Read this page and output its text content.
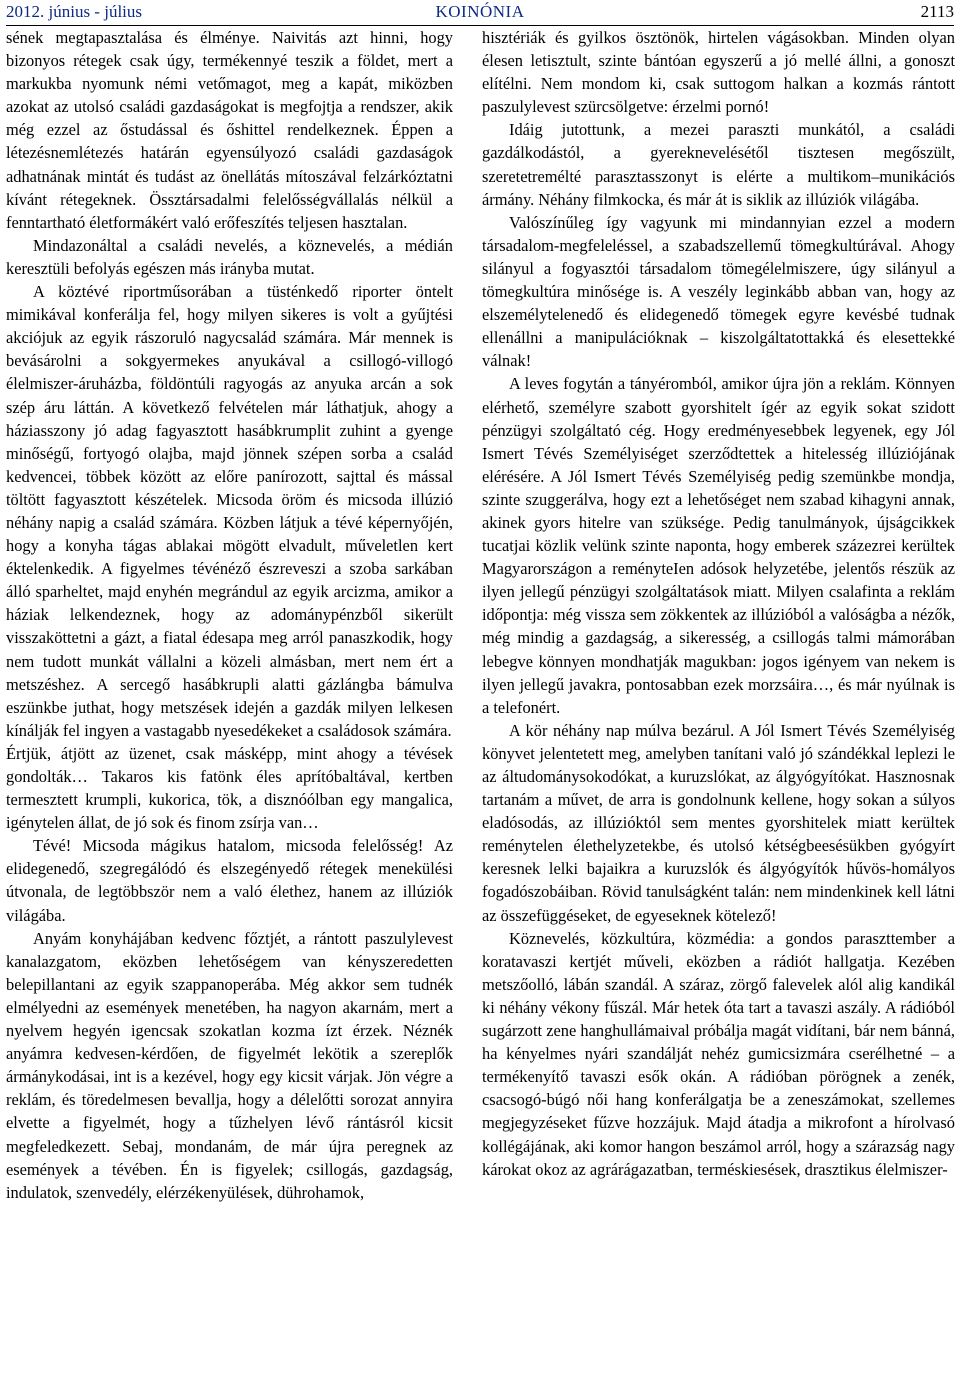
2012. június - július	KOINÓNIA	2113

sének megtapasztalása és élménye. Naivitás azt hinni, hogy bizonyos rétegek csak úgy, termékennyé teszik a földet, mert a markukba nyomunk némi vetőmagot, meg a kapát, miközben azokat az utolsó családi gazdaságokat is megfojtja a rendszer, akik még ezzel az őstudással és őshittel rendelkeznek. Éppen a létezésnemlétezés határán egyensúlyozó családi gazdaságok adhatnának mintát és tudást az önellátás mítoszával felzárkóztatni kívánt rétegeknek. Össztársadalmi felelősségvállalás nélkül a fenntartható életformákért való erőfeszítés teljesen hasztalan.

Mindazonáltal a családi nevelés, a köznevelés, a médián keresztüli befolyás egészen más irányba mutat.

A köztévé riportműsorában a tüsténkedő riporter öntelt mimikával konferálja fel, hogy milyen sikeres is volt a gyűjtési akciójuk az egyik rászoruló nagycsalád számára. Már mennek is bevásárolni a sokgyermekes anyukával a csillogó-villogó élelmiszer-áruházba, földöntúli ragyogás az anyuka arcán a sok szép áru láttán. A következő felvételen már láthatjuk, ahogy a háziasszony jó adag fagyasztott hasábkrumplit zuhint a gyenge minőségű, fortyogó olajba, majd jönnek szépen sorba a család kedvencei, többek között az előre panírozott, sajttal és mással töltött fagyasztott készételek. Micsoda öröm és micsoda illúzió néhány napig a család számára. Közben látjuk a tévé képernyőjén, hogy a konyha tágas ablakai mögött elvadult, műveletlen kert éktelenkedik. A figyelmes tévénéző észreveszi a szoba sarkában álló sparheltet, majd enyhén megrándul az egyik arcizma, amikor a háziak lelkendeznek, hogy az adománypénzből sikerült visszaköttetni a gázt, a fiatal édesapa meg arról panaszkodik, hogy nem tudott munkát vállalni a közeli almásban, mert nem ért a metszéshez. A sercegő hasábkrupli alatti gázlángba bámulva eszünkbe juthat, hogy metszések idején a gazdák milyen lelkesen kínálják fel ingyen a vastagabb nyesedékeket a családosok számára.

Értjük, átjött az üzenet, csak másképp, mint ahogy a tévések gondolták… Takaros kis fatönk éles aprítóbaltával, kertben termesztett krumpli, kukorica, tök, a disznóólban egy mangalica, igénytelen állat, de jó sok és finom zsírja van…

Tévé! Micsoda mágikus hatalom, micsoda felelősség! Az elidegenedő, szegregálódó és elszegényedő rétegek menekülési útvonala, de legtöbbször nem a való élethez, hanem az illúziók világába.

Anyám konyhájában kedvenc főztjét, a rántott paszulylevest kanalazgatom, eközben lehetőségem van kényszeredetten belepillantani az egyik szappanoperába. Még akkor sem tudnék elmélyedni az események menetében, ha nagyon akarnám, mert a nyelvem hegyén igencsak szokatlan kozma ízt érzek. Néznék anyámra kedvesen-kérdően, de figyelmét lekötik a szereplők ármánykodásai, int is a kezével, hogy egy kicsit várjak. Jön végre a reklám, és töredelmesen bevallja, hogy a délelőtti sorozat annyira elvette a figyelmét, hogy a tűzhelyen lévő rántásról kicsit megfeledkezett. Sebaj, mondanám, de már újra peregnek az események a tévében. Én is figyelek; csillogás, gazdagság, indulatok, szenvedély, elérzékenyülések, dührohamok,

hisztériák és gyilkos ösztönök, hirtelen vágásokban. Minden olyan élesen letisztult, szinte bántóan egyszerű a jó mellé állni, a gonoszt elítélni. Nem mondom ki, csak suttogom halkan a kozmás rántott paszulylevest szürcsölgetve: érzelmi pornó!

Idáig jutottunk, a mezei paraszti munkától, a családi gazdálkodástól, a gyereknevelésétől tisztesen megőszült, szeretetremélté parasztasszonyt is elérte a multikom–munikációs ármány. Néhány filmkocka, és már át is siklik az illúziók világába.

Valószínűleg így vagyunk mi mindannyian ezzel a modern társadalom-megfeleléssel, a szabadszellemű tömegkultúrával. Ahogy silányul a fogyasztói társadalom tömegélelmiszere, úgy silányul a tömegkultúra minősége is. A veszély leginkább abban van, hogy az elszemélytelenedő és elidegenedő tömegek egyre kevésbé tudnak ellenállni a manipulációknak – kiszolgáltatottakká és elesettekké válnak!

A leves fogytán a tányéromból, amikor újra jön a reklám. Könnyen elérhető, személyre szabott gyorshitelt ígér az egyik sokat szidott pénzügyi szolgáltató cég. Hogy eredményesebbek legyenek, egy Jól Ismert Tévés Személyiséget szerződtettek a hitelesség illúziójának elérésére. A Jól Ismert Tévés Személyiség pedig szemünkbe mondja, szinte szuggerálva, hogy ezt a lehetőséget nem szabad kihagyni annak, akinek gyors hitelre van szüksége. Pedig tanulmányok, újságcikkek tucatjai közlik velünk szinte naponta, hogy emberek százezrei kerültek Magyarországon a reményteIen adósok helyzetébe, jelentős részük az ilyen jellegű pénzügyi szolgáltatások miatt. Milyen csalafinta a reklám időpontja: még vissza sem zökkentek az illúzióból a valóságba a nézők, még mindig a gazdagság, a sikeresség, a csillogás talmi mámorában lebegve könnyen mondhatják magukban: jogos igényem van nekem is ilyen jellegű javakra, pontosabban ezek morzsáira…, és már nyúlnak is a telefonért.

A kör néhány nap múlva bezárul. A Jól Ismert Tévés Személyiség könyvet jelentetett meg, amelyben tanítani való jó szándékkal leplezi le az áltudománysokodókat, a kuruzslókat, az álgyógyítókat. Hasznosnak tartanám a művet, de arra is gondolnunk kellene, hogy sokan a súlyos eladósodás, az illúzióktól sem mentes gyorshitelek miatt kerültek reménytelen élethelyzetekbe, és utolsó kétségbeesésükben gyógyírt keresnek lelki bajaikra a kuruzslók és álgyógyítók hűvös-homályos fogadószobáiban. Rövid tanulságként talán: nem mindenkinek kell látni az összefüggéseket, de egyeseknek kötelező!

Köznevelés, közkultúra, közmédia: a gondos paraszttember a koratavaszi kertjét műveli, eközben a rádiót hallgatja. Kezében metszőolló, lábán szandál. A száraz, zörgő falevelek alól alig kandikál ki néhány vékony fűszál. Már hetek óta tart a tavaszi aszály. A rádióból sugárzott zene hanghullámaival próbálja magát vidítani, bár nem bánná, ha kényelmes nyári szandálját nehéz gumicsizmára cserélhetné – a termékenyítő tavaszi esők okán. A rádióban pörögnek a zenék, csacsogó-búgó női hang konferálgatja be a zeneszámokat, szellemes megjegyzéseket fűzve hozzájuk. Majd átadja a mikrofont a hírolvasó kollégájának, aki komor hangon beszámol arról, hogy a szárazság nagy károkat okoz az agrárágazatban, terméskiesések, drasztikus élelmiszer-
